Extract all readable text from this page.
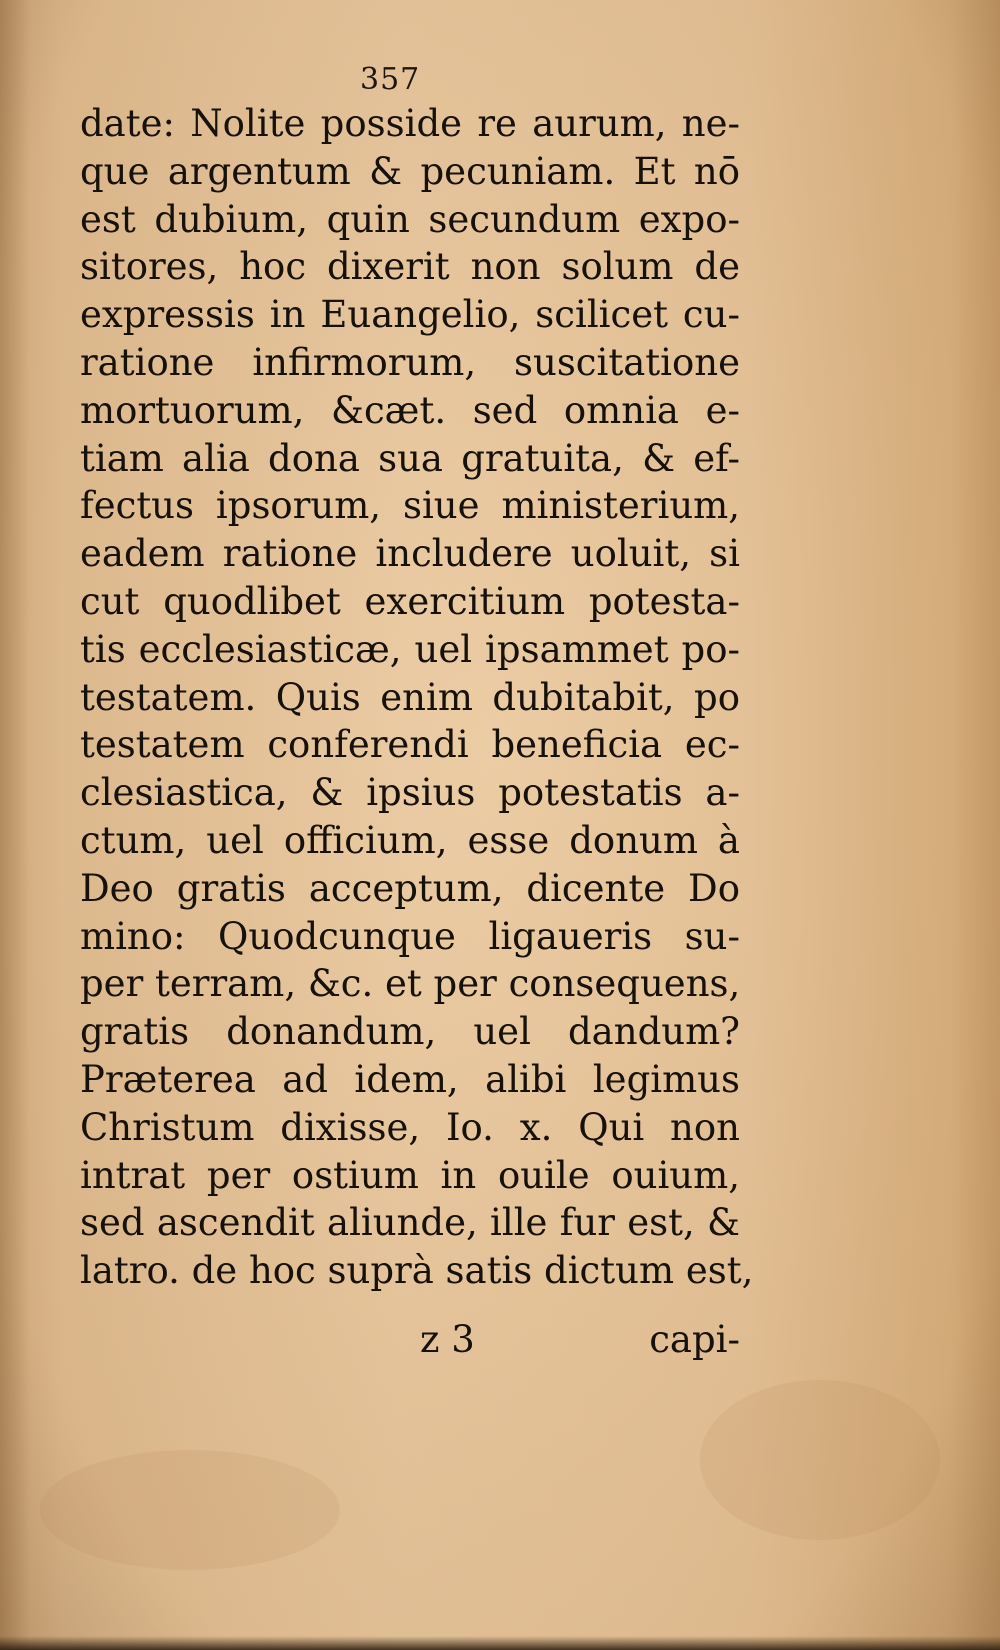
357
date: Nolite posside re aurum, ne-
que argentum & pecuniam. Et nō
est dubium, quin secundum expo-
sitores, hoc dixerit non solum de
expressis in Euangelio, scilicet cu-
ratione infirmorum, suscitatione
mortuorum, &cæt. sed omnia e-
tiam alia dona sua gratuita, & ef-
fectus ipsorum, siue ministerium,
eadem ratione includere uoluit, si
cut quodlibet exercitium potesta-
tis ecclesiasticæ, uel ipsammet po-
testatem. Quis enim dubitabit, po
testatem conferendi beneficia ec-
clesiastica, & ipsius potestatis a-
ctum, uel officium, esse donum à
Deo gratis acceptum, dicente Do
mino: Quodcunque ligaueris su-
per terram, &c. et per consequens,
gratis donandum, uel dandum?
Præterea ad idem, alibi legimus
Christum dixisse, Io. x. Qui non
intrat per ostium in ouile ouium,
sed ascendit aliunde, ille fur est, &
latro. de hoc suprà satis dictum est,
z 3	capi-
